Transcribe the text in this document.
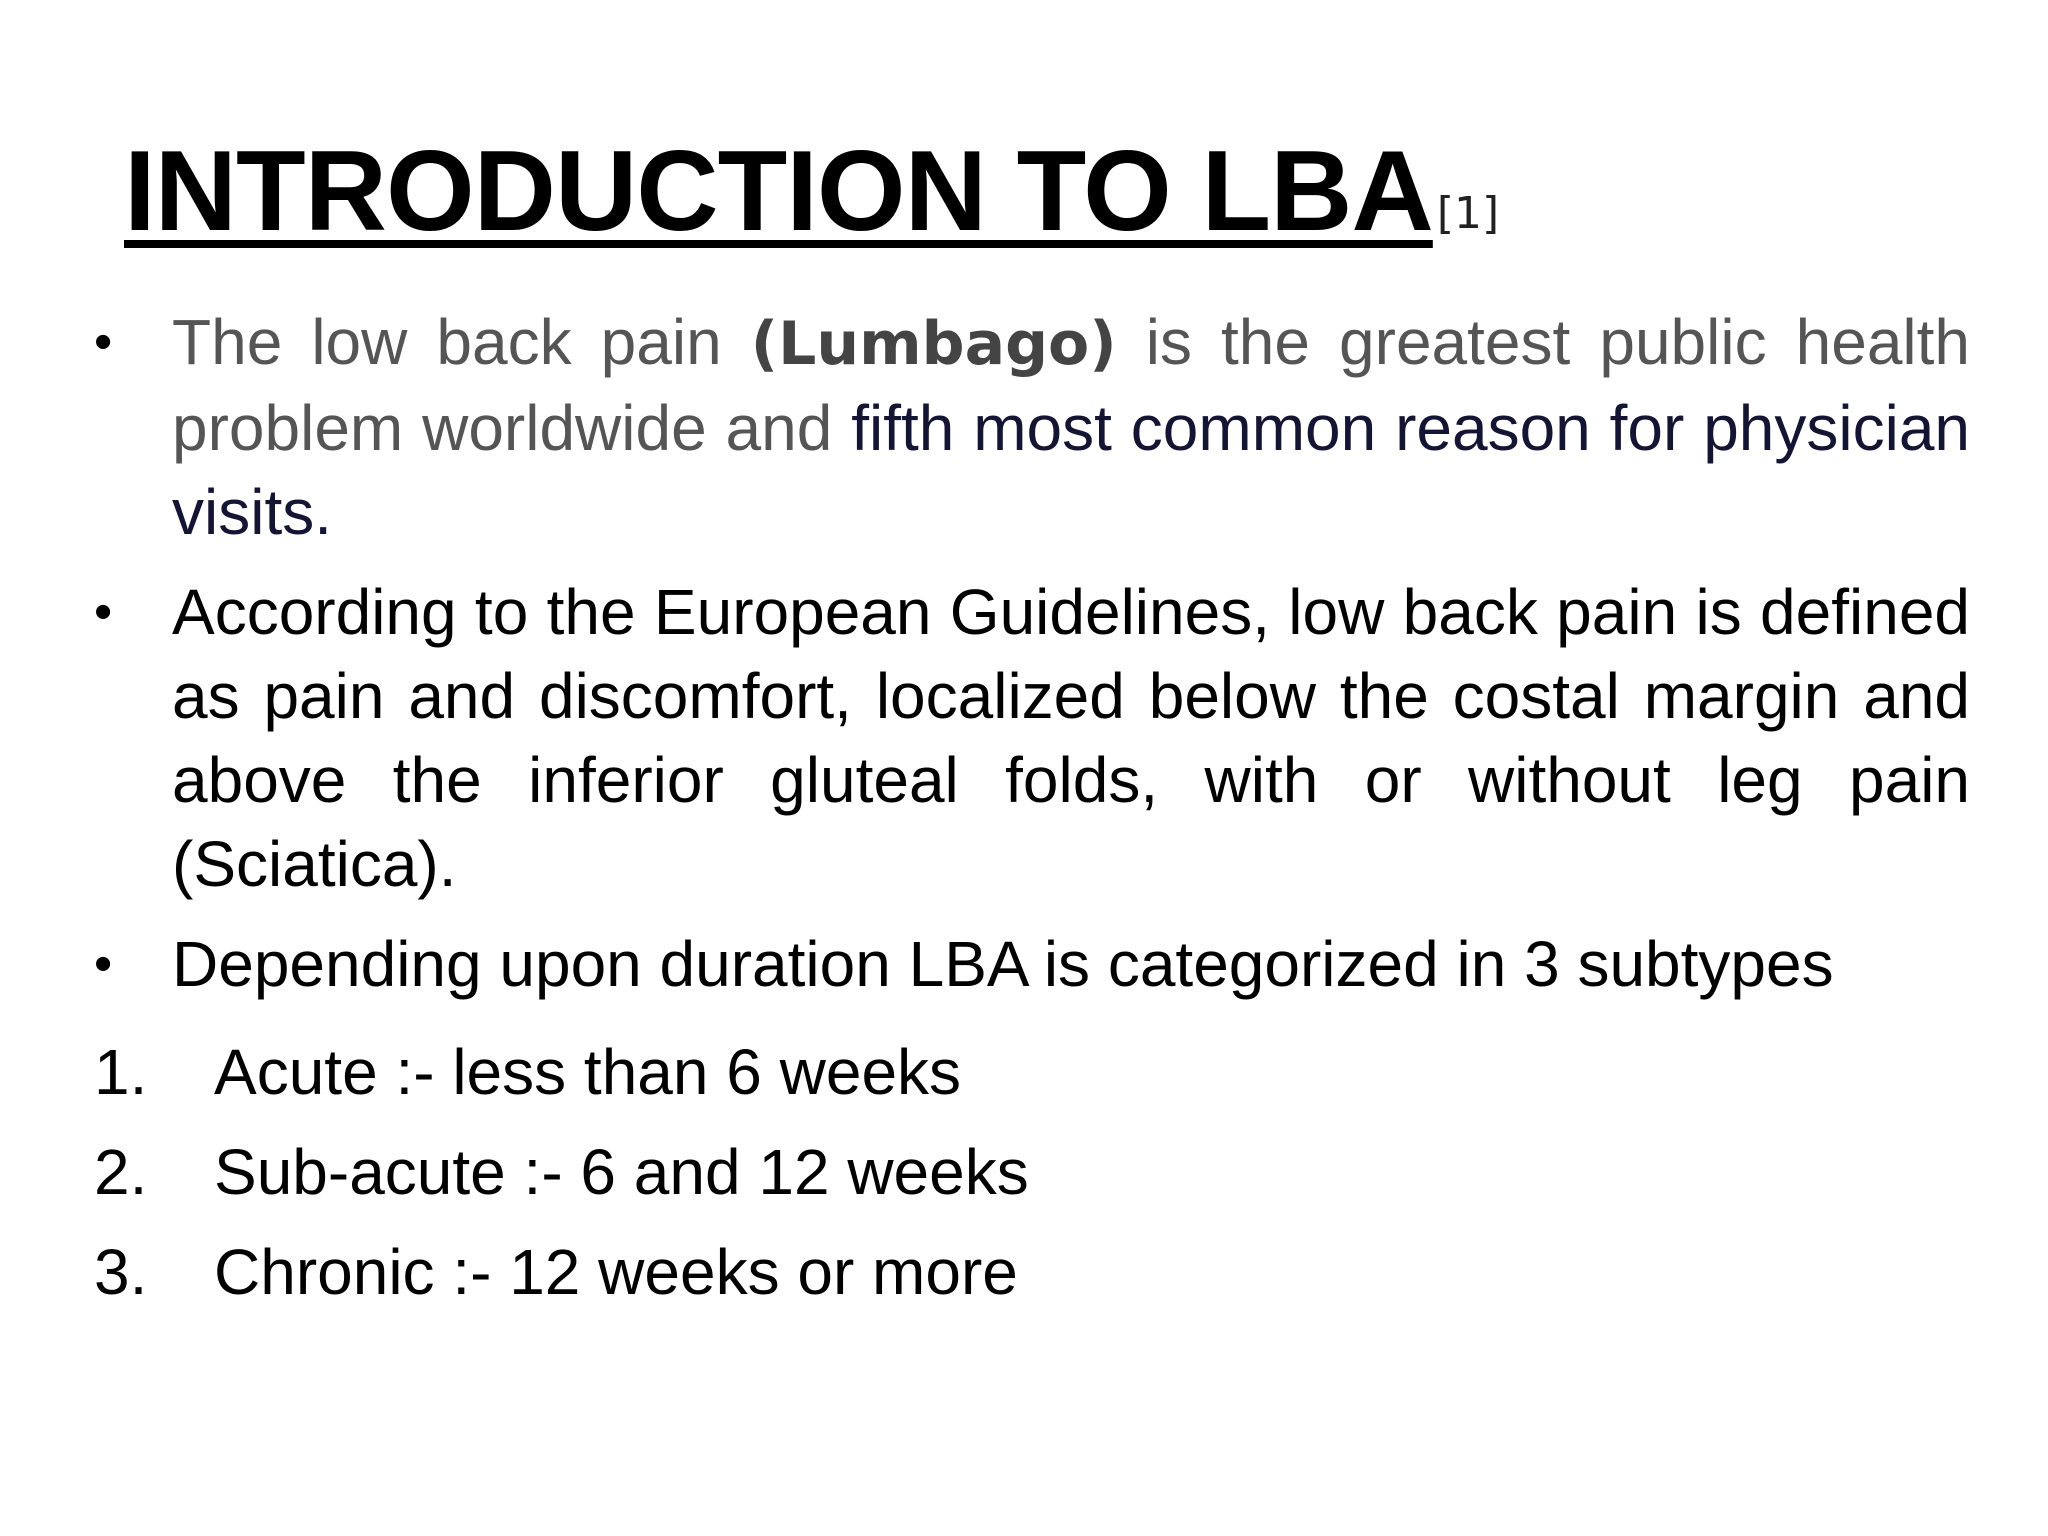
INTRODUCTION TO LBA[1]
• The low back pain (Lumbago) is the greatest public health problem worldwide and fifth most common reason for physician visits.
• According to the European Guidelines, low back pain is defined as pain and discomfort, localized below the costal margin and above the inferior gluteal folds, with or without leg pain (Sciatica).
• Depending upon duration LBA is categorized in 3 subtypes
1. Acute :- less than 6 weeks
2. Sub-acute :- 6 and 12 weeks
3. Chronic :- 12 weeks or more
